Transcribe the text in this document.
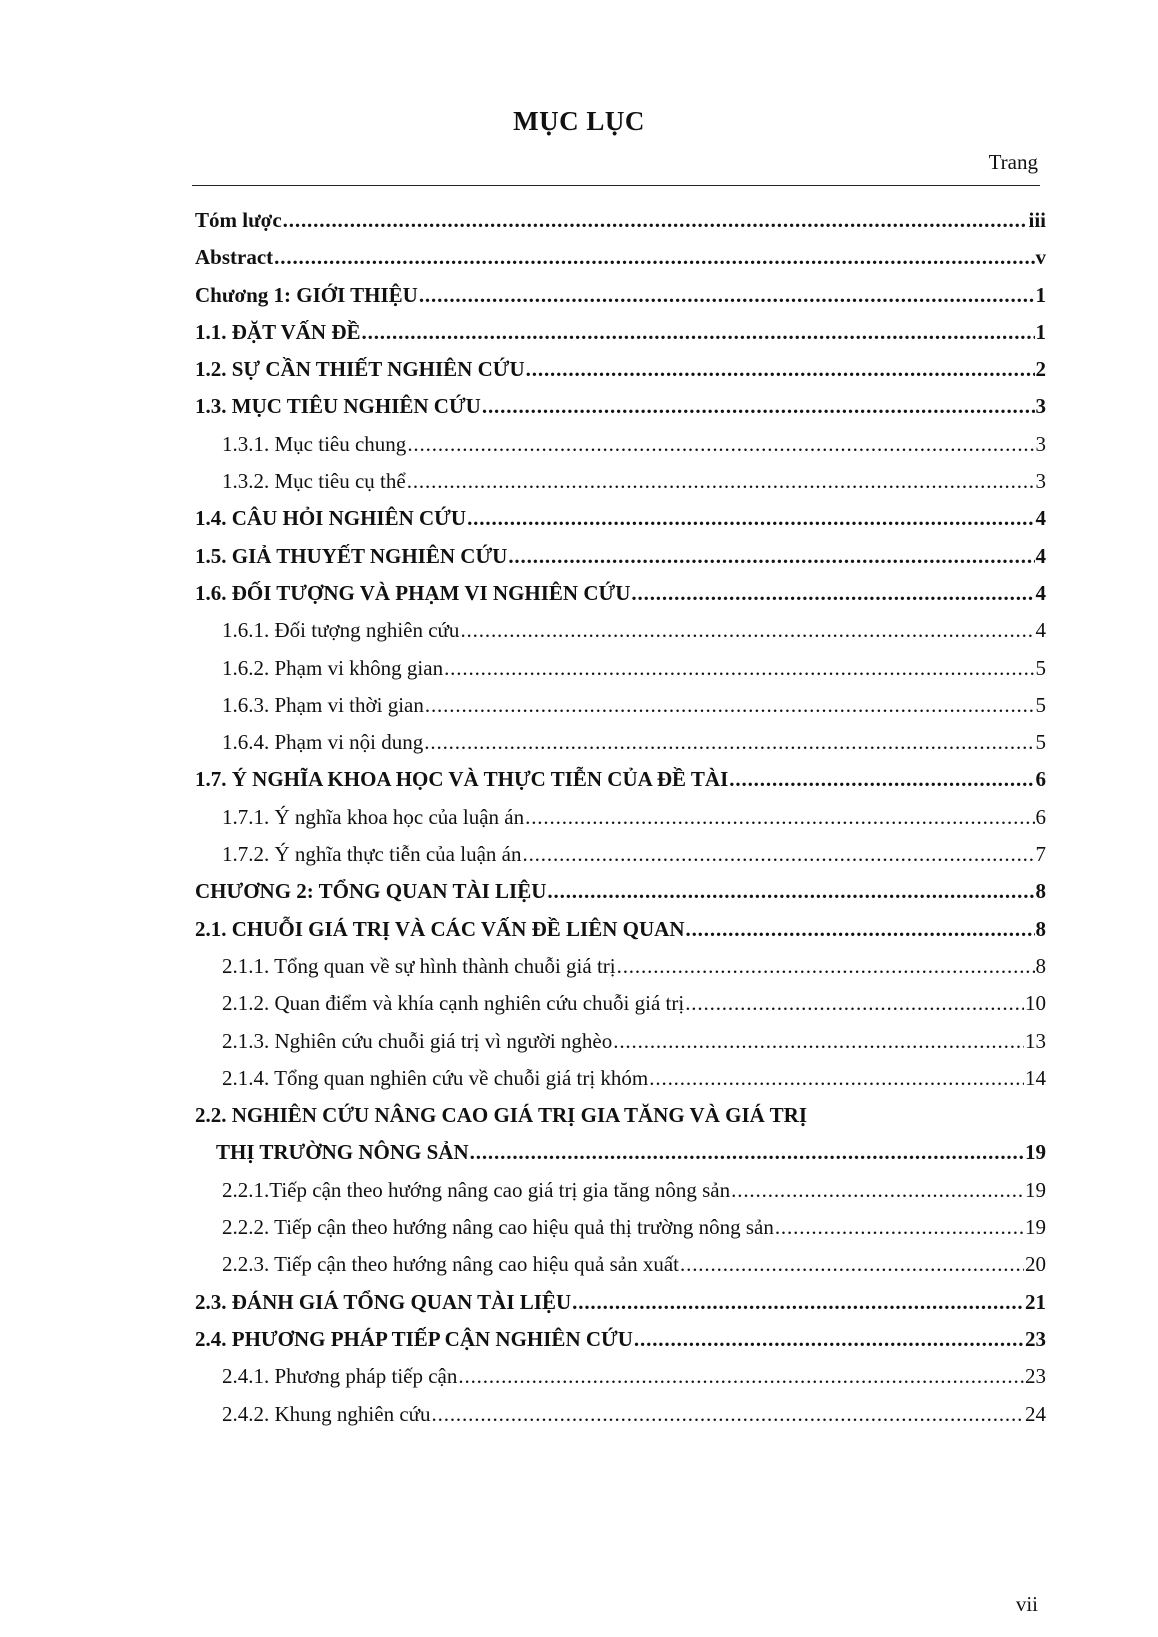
MỤC LỤC
Trang
Tóm lược . . .	iii
Abstract . . .	v
Chương 1: GIỚI THIỆU . . .	1
1.1. ĐẶT VẤN ĐỀ . . .	1
1.2. SỰ CẦN THIẾT NGHIÊN CỨU . . .	2
1.3. MỤC TIÊU NGHIÊN CỨU . . .	3
1.3.1. Mục tiêu chung . . .	3
1.3.2. Mục tiêu cụ thể . . .	3
1.4. CÂU HỎI NGHIÊN CỨU . . .	4
1.5. GIẢ THUYẾT NGHIÊN CỨU . . .	4
1.6. ĐỐI TƯỢNG VÀ PHẠM VI NGHIÊN CỨU . . .	4
1.6.1. Đối tượng nghiên cứu . . .	4
1.6.2. Phạm vi không gian . . .	5
1.6.3. Phạm vi thời gian . . .	5
1.6.4. Phạm vi nội dung . . .	5
1.7. Ý NGHĨA KHOA HỌC VÀ THỰC TIỄN CỦA ĐỀ TÀI . . .	6
1.7.1. Ý nghĩa khoa học của luận án . . .	6
1.7.2. Ý nghĩa thực tiễn của luận án . . .	7
CHƯƠNG 2: TỔNG QUAN TÀI LIỆU . . .	8
2.1. CHUỖI GIÁ TRỊ VÀ CÁC VẤN ĐỀ LIÊN QUAN . . .	8
2.1.1. Tổng quan về sự hình thành chuỗi giá trị . . .	8
2.1.2. Quan điểm và khía cạnh nghiên cứu chuỗi giá trị . . .	10
2.1.3. Nghiên cứu chuỗi giá trị vì người nghèo . . .	13
2.1.4. Tổng quan nghiên cứu về chuỗi giá trị khóm . . .	14
2.2. NGHIÊN CỨU NÂNG CAO GIÁ TRỊ GIA TĂNG VÀ GIÁ TRỊ
THỊ TRƯỜNG NÔNG SẢN . . .	19
2.2.1.Tiếp cận theo hướng nâng cao giá trị gia tăng nông sản . . .	19
2.2.2. Tiếp cận theo hướng nâng cao hiệu quả thị trường nông sản . . .	19
2.2.3. Tiếp cận theo hướng nâng cao hiệu quả sản xuất . . .	20
2.3. ĐÁNH GIÁ TỔNG QUAN TÀI LIỆU . . .	21
2.4. PHƯƠNG PHÁP TIẾP CẬN NGHIÊN CỨU . . .	23
2.4.1. Phương pháp tiếp cận . . .	23
2.4.2. Khung nghiên cứu . . .	24
vii
